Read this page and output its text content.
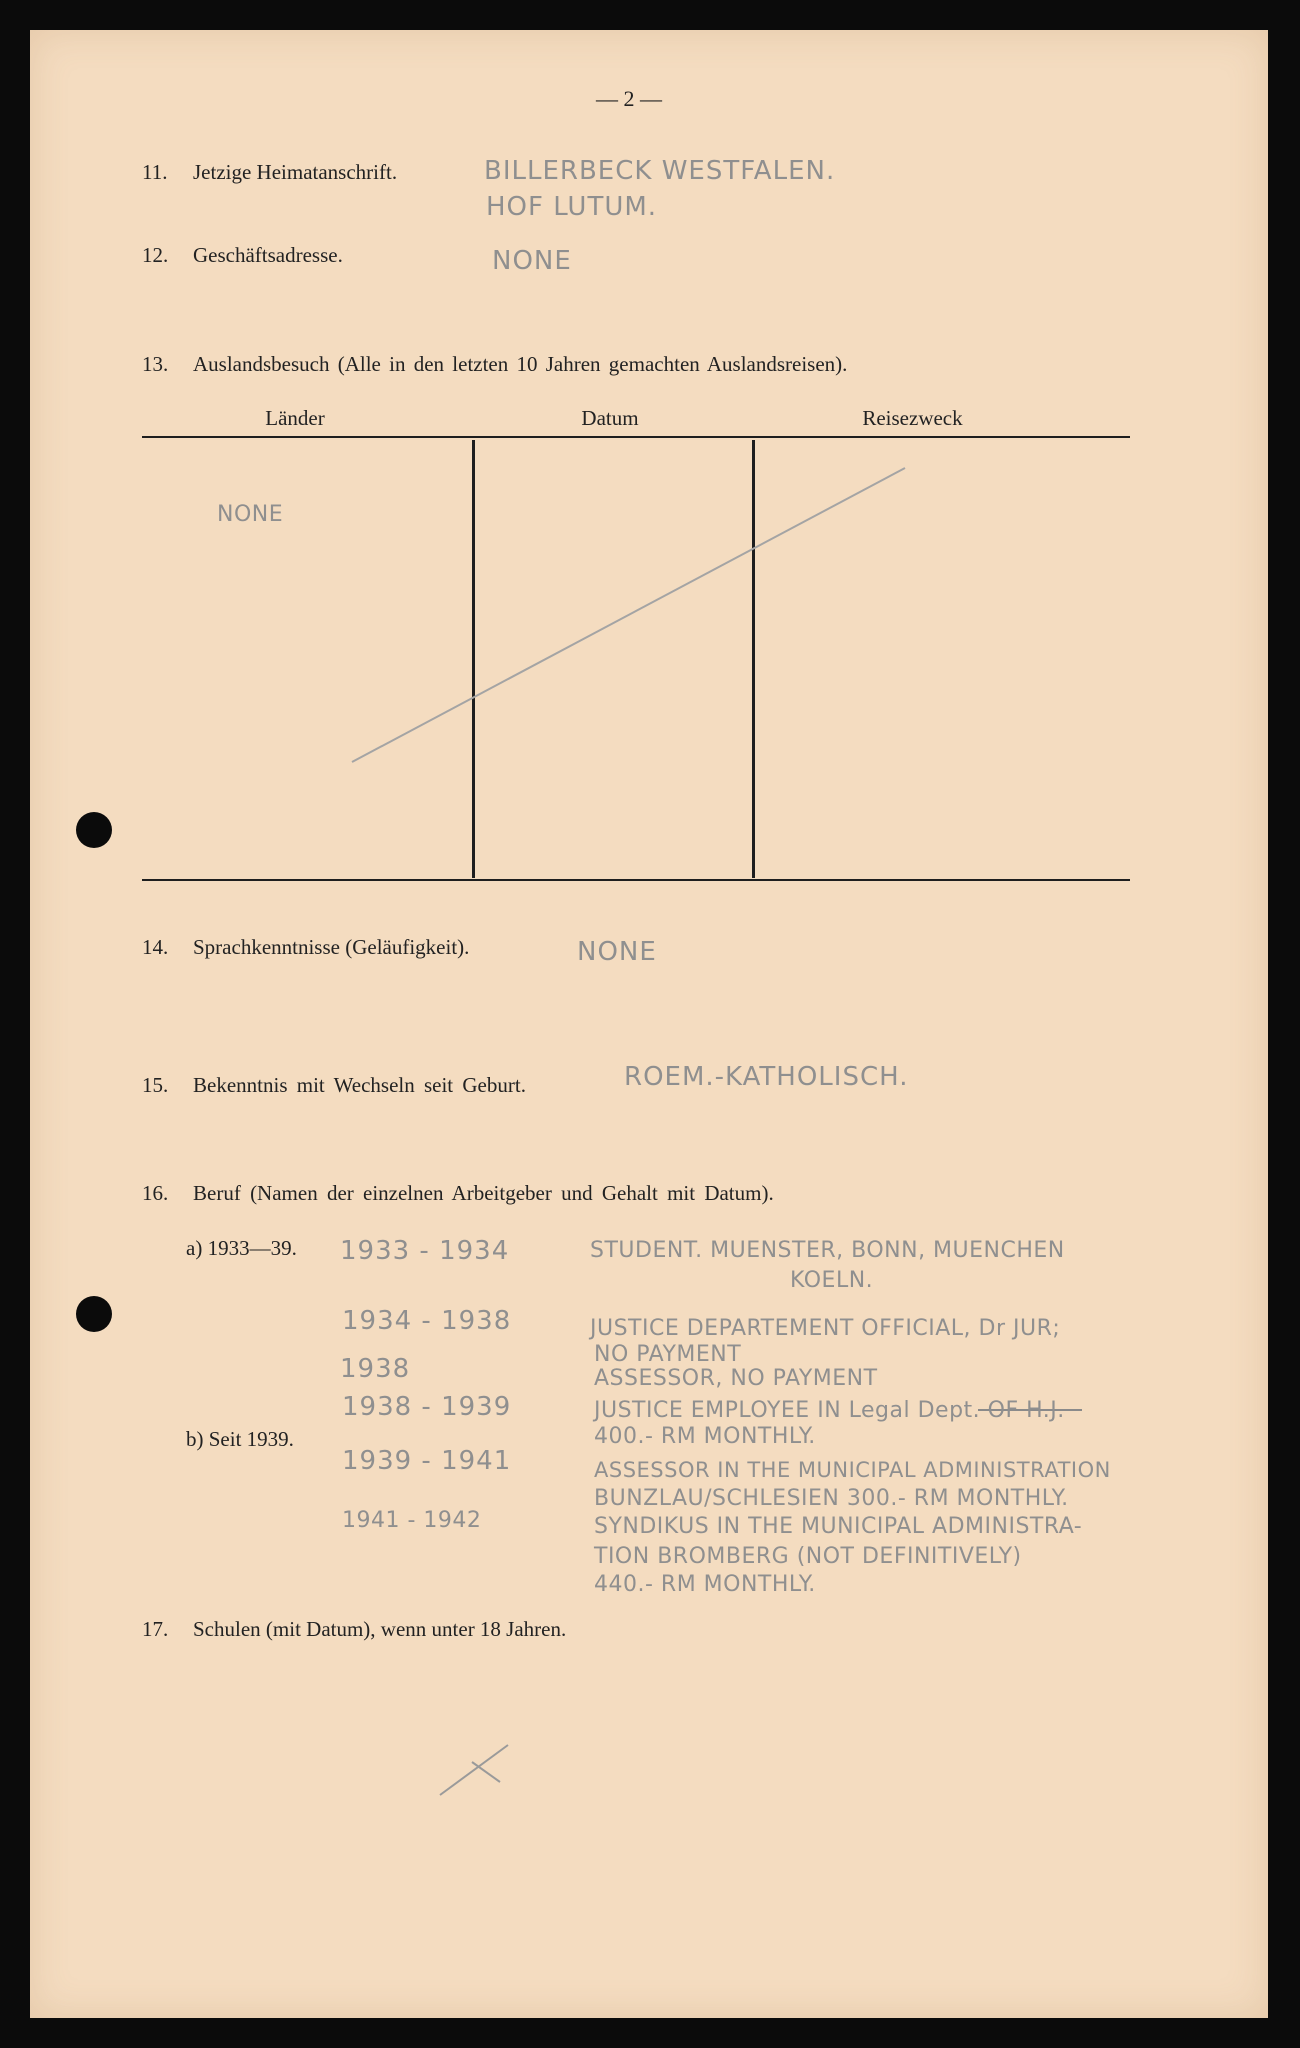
— 2 —
11. Jetzige Heimatanschrift.	BILLERBECK WESTFALEN.
HOF LUTUM.
12. Geschäftsadresse.	NONE
13. Auslandsbesuch (Alle in den letzten 10 Jahren gemachten Auslandsreisen).
Länder	Datum	Reisezweck
NONE
14. Sprachkenntnisse (Geläufigkeit).	NONE
15. Bekenntnis mit Wechseln seit Geburt.	ROEM.-KATHOLISCH.
16. Beruf (Namen der einzelnen Arbeitgeber und Gehalt mit Datum).
a) 1933—39.
b) Seit 1939.
1933 - 1934	STUDENT. MUENSTER, BONN, MUENCHEN
KOELN.
1934 - 1938	JUSTICE DEPARTEMENT OFFICIAL, Dr JUR;
NO PAYMENT
1938	ASSESSOR, NO PAYMENT
1938 - 1939	JUSTICE EMPLOYEE IN Legal Dept. OF H.J.
400.- RM MONTHLY.
1939 - 1941	ASSESSOR IN THE MUNICIPAL ADMINISTRATION
BUNZLAU/SCHLESIEN 300.- RM MONTHLY.
1941 - 1942	SYNDIKUS IN THE MUNICIPAL ADMINISTRA-
TION BROMBERG (NOT DEFINITIVELY)
440.- RM MONTHLY.
17. Schulen (mit Datum), wenn unter 18 Jahren.
